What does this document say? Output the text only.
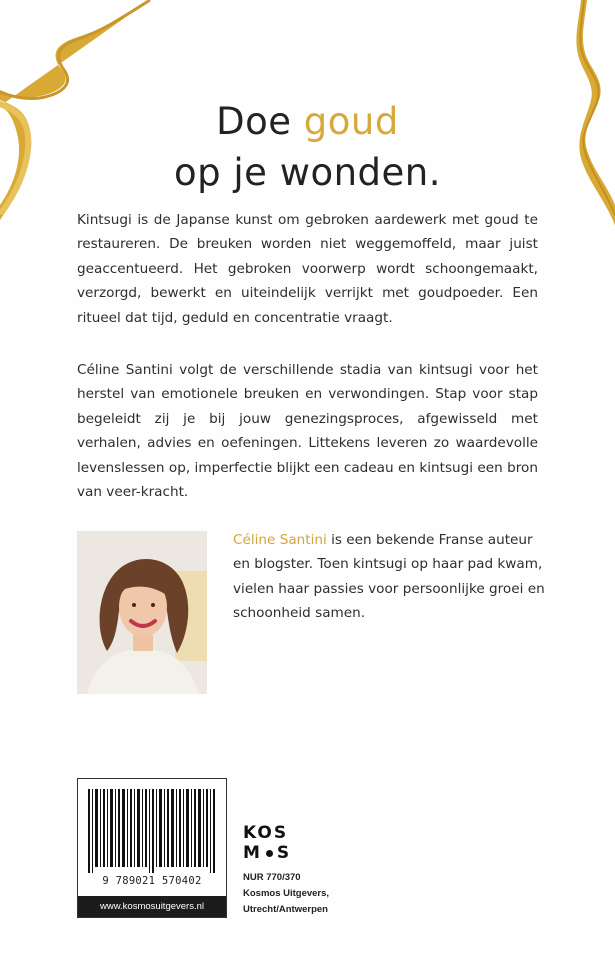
Doe goud
op je wonden.

Kintsugi is de Japanse kunst om gebroken aardewerk met goud te restaureren. De breuken worden niet weggemoffeld, maar juist geaccentueerd. Het gebroken voorwerp wordt schoongemaakt, verzorgd, bewerkt en uiteindelijk verrijkt met goudpoeder. Een ritueel dat tijd, geduld en concentratie vraagt.

Céline Santini volgt de verschillende stadia van kintsugi voor het herstel van emotionele breuken en verwondingen. Stap voor stap begeleidt zij je bij jouw genezingsproces, afgewisseld met verhalen, advies en oefeningen. Littekens leveren zo waardevolle levenslessen op, imperfectie blijkt een cadeau en kintsugi een bron van veer-kracht.

Céline Santini is een bekende Franse auteur en blogster. Toen kintsugi op haar pad kwam, vielen haar passies voor persoonlijke groei en schoonheid samen.

9 789021 570402
www.kosmosuitgevers.nl
KOS
M S
NUR 770/370
Kosmos Uitgevers,
Utrecht/Antwerpen
